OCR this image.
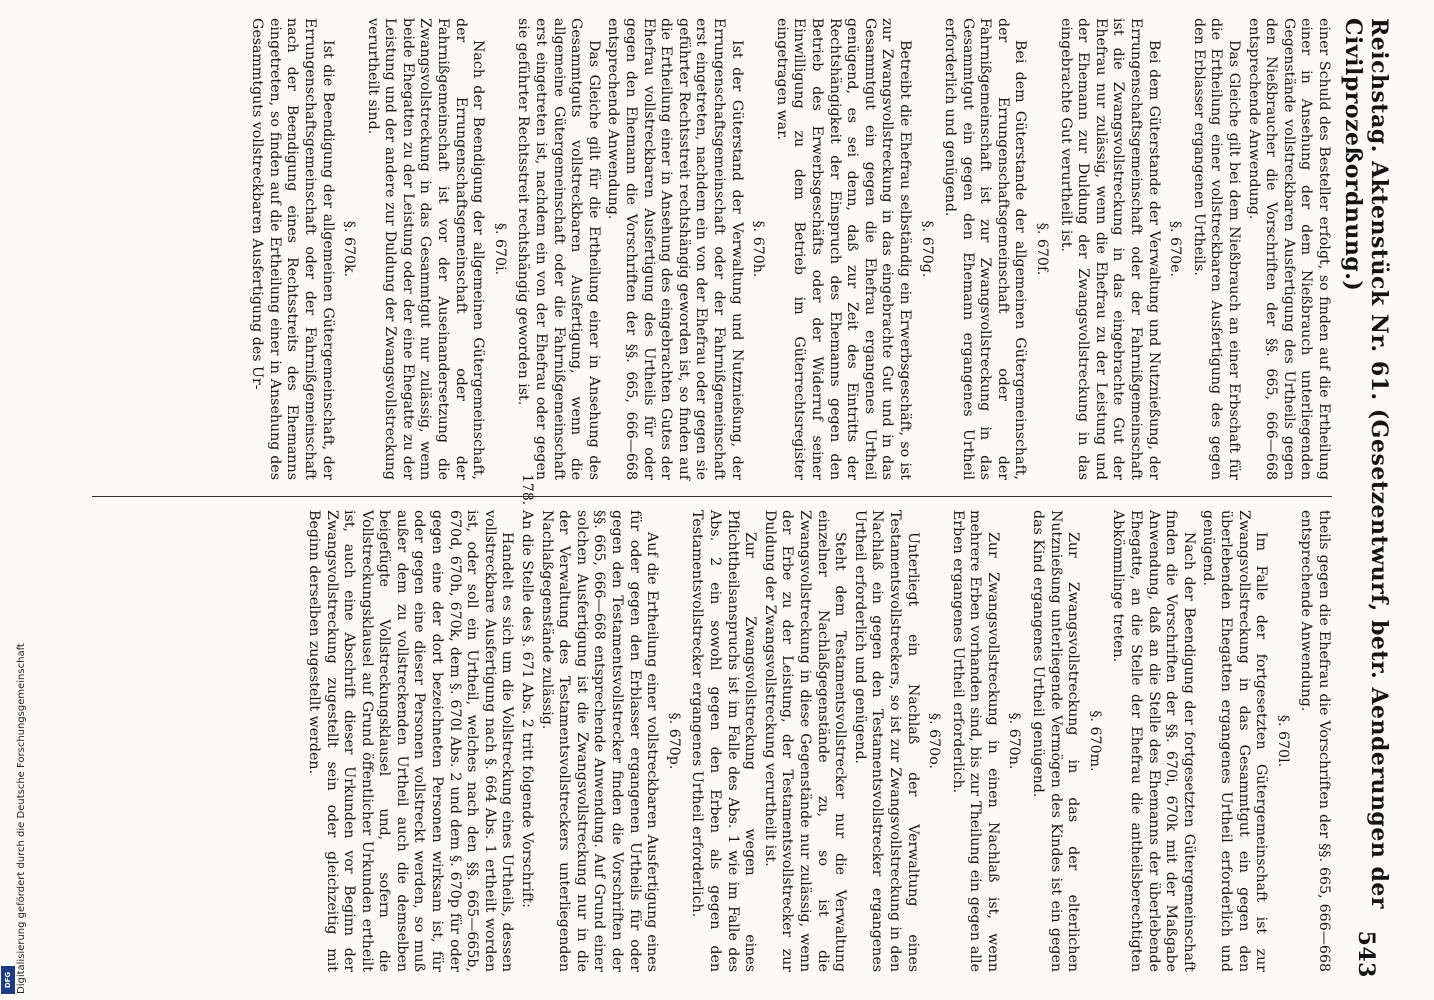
Digitalisierung gefördert durch die Deutsche Forschungsgemeinschaft
DFG
Reichstag. Aktenstück Nr. 61. (Gesetzentwurf, betr. Aenderungen der Civilprozeßordnung.)
543

einer Schuld des Besteller erfolgt, so finden auf die Ertheilung einer in Ansehung der dem Nießbrauch unterliegenden Gegenstände vollstreckbaren Ausfertigung des Urtheils gegen den Nießbraucher die Vorschriften der §§. 665, 666—668 entsprechende Anwendung.

Das Gleiche gilt bei dem Nießbrauch an einer Erbschaft für die Ertheilung einer vollstreckbaren Ausfertigung des gegen den Erblasser ergangenen Urtheils.

§. 670e.

Bei dem Güterstande der Verwaltung und Nutznießung, der Errungenschaftsgemeinschaft oder der Fahrnißgemeinschaft ist die Zwangsvollstreckung in das eingebrachte Gut der Ehefrau nur zulässig, wenn die Ehefrau zu der Leistung und der Ehemann zur Duldung der Zwangsvollstreckung in das eingebrachte Gut verurtheilt ist.

§. 670f.

Bei dem Güterstande der allgemeinen Gütergemeinschaft, der Errungenschaftsgemeinschaft oder der Fahrnißgemeinschaft ist zur Zwangsvollstreckung in das Gesammtgut ein gegen den Ehemann ergangenes Urtheil erforderlich und genügend.

§. 670g.

Betreibt die Ehefrau selbständig ein Erwerbsgeschäft, so ist zur Zwangsvollstreckung in das eingebrachte Gut und in das Gesammtgut ein gegen die Ehefrau ergangenes Urtheil genügend, es sei denn, daß zur Zeit des Eintritts der Rechtshängigkeit der Einspruch des Ehemanns gegen den Betrieb des Erwerbsgeschäfts oder der Widerruf seiner Einwilligung zu dem Betrieb im Güterrechtsregister eingetragen war.

§. 670h.

Ist der Güterstand der Verwaltung und Nutznießung, der Errungenschaftsgemeinschaft oder der Fahrnißgemeinschaft erst eingetreten, nachdem ein von der Ehefrau oder gegen sie geführter Rechtsstreit rechtshängig geworden ist, so finden auf die Ertheilung einer in Ansehung des eingebrachten Gutes der Ehefrau vollstreckbaren Ausfertigung des Urtheils für oder gegen den Ehemann die Vorschriften der §§. 665, 666—668 entsprechende Anwendung.

Das Gleiche gilt für die Ertheilung einer in Ansehung des Gesammtguts vollstreckbaren Ausfertigung, wenn die allgemeine Gütergemeinschaft oder die Fahrnißgemeinschaft erst eingetreten ist, nachdem ein von der Ehefrau oder gegen sie geführter Rechtsstreit rechtshängig geworden ist.

§. 670i.

Nach der Beendigung der allgemeinen Gütergemeinschaft, der Errungenschaftsgemeinschaft oder der Fahrnißgemeinschaft ist vor der Auseinandersetzung die Zwangsvollstreckung in das Gesammtgut nur zulässig, wenn beide Ehegatten zu der Leistung oder der eine Ehegatte zu der Leistung und der andere zur Duldung der Zwangsvollstreckung verurtheilt sind.

§. 670k.

Ist die Beendigung der allgemeinen Gütergemeinschaft, der Errungenschaftsgemeinschaft oder der Fahrnißgemeinschaft nach der Beendigung eines Rechtsstreits des Ehemanns eingetreten, so finden auf die Ertheilung einer in Ansehung des Gesammtguts vollstreckbaren Ausfertigung des Ur-

theils gegen die Ehefrau die Vorschriften der §§. 665, 666—668 entsprechende Anwendung.

§. 670l.

Im Falle der fortgesetzten Gütergemeinschaft ist zur Zwangsvollstreckung in das Gesammtgut ein gegen den überlebenden Ehegatten ergangenes Urtheil erforderlich und genügend.

Nach der Beendigung der fortgesetzten Gütergemeinschaft finden die Vorschriften der §§. 670i, 670k mit der Maßgabe Anwendung, daß an die Stelle des Ehemanns der überlebende Ehegatte, an die Stelle der Ehefrau die antheilsberechtigten Abkömmlinge treten.

§. 670m.

Zur Zwangsvollstreckung in das der elterlichen Nutznießung unterliegende Vermögen des Kindes ist ein gegen das Kind ergangenes Urtheil genügend.

§. 670n.

Zur Zwangsvollstreckung in einen Nachlaß ist, wenn mehrere Erben vorhanden sind, bis zur Theilung ein gegen alle Erben ergangenes Urtheil erforderlich.

§. 670o.

Unterliegt ein Nachlaß der Verwaltung eines Testamentsvollstreckers, so ist zur Zwangsvollstreckung in den Nachlaß ein gegen den Testamentsvollstrecker ergangenes Urtheil erforderlich und genügend.

Steht dem Testamentsvollstrecker nur die Verwaltung einzelner Nachlaßgegenstände zu, so ist die Zwangsvollstreckung in diese Gegenstände nur zulässig, wenn der Erbe zu der Leistung, der Testamentsvollstrecker zur Duldung der Zwangsvollstreckung verurtheilt ist.

Zur Zwangsvollstreckung wegen eines Pflichttheilsanspruchs ist im Falle des Abs. 1 wie im Falle des Abs. 2 ein sowohl gegen den Erben als gegen den Testamentsvollstrecker ergangenes Urtheil erforderlich.

§. 670p.

Auf die Ertheilung einer vollstreckbaren Ausfertigung eines für oder gegen den Erblasser ergangenen Urtheils für oder gegen den Testamentsvollstrecker finden die Vorschriften der §§. 665, 666—668 entsprechende Anwendung. Auf Grund einer solchen Ausfertigung ist die Zwangsvollstreckung nur in die der Verwaltung des Testamentsvollstreckers unterliegenden Nachlaßgegenstände zulässig.

178.

An die Stelle des §. 671 Abs. 2 tritt folgende Vorschrift:

Handelt es sich um die Vollstreckung eines Urtheils, dessen vollstreckbare Ausfertigung nach §. 664 Abs. 1 ertheilt worden ist, oder soll ein Urtheil, welches nach den §§. 665—665b, 670d, 670h, 670k, dem §. 670l Abs. 2 und dem §. 670p für oder gegen eine der dort bezeichneten Personen wirksam ist, für oder gegen eine dieser Personen vollstreckt werden, so muß außer dem zu vollstreckenden Urtheil auch die demselben beigefügte Vollstreckungsklausel und, sofern die Vollstreckungsklausel auf Grund öffentlicher Urkunden ertheilt ist, auch eine Abschrift dieser Urkunden vor Beginn der Zwangsvollstreckung zugestellt sein oder gleichzeitig mit Beginn derselben zugestellt werden.
